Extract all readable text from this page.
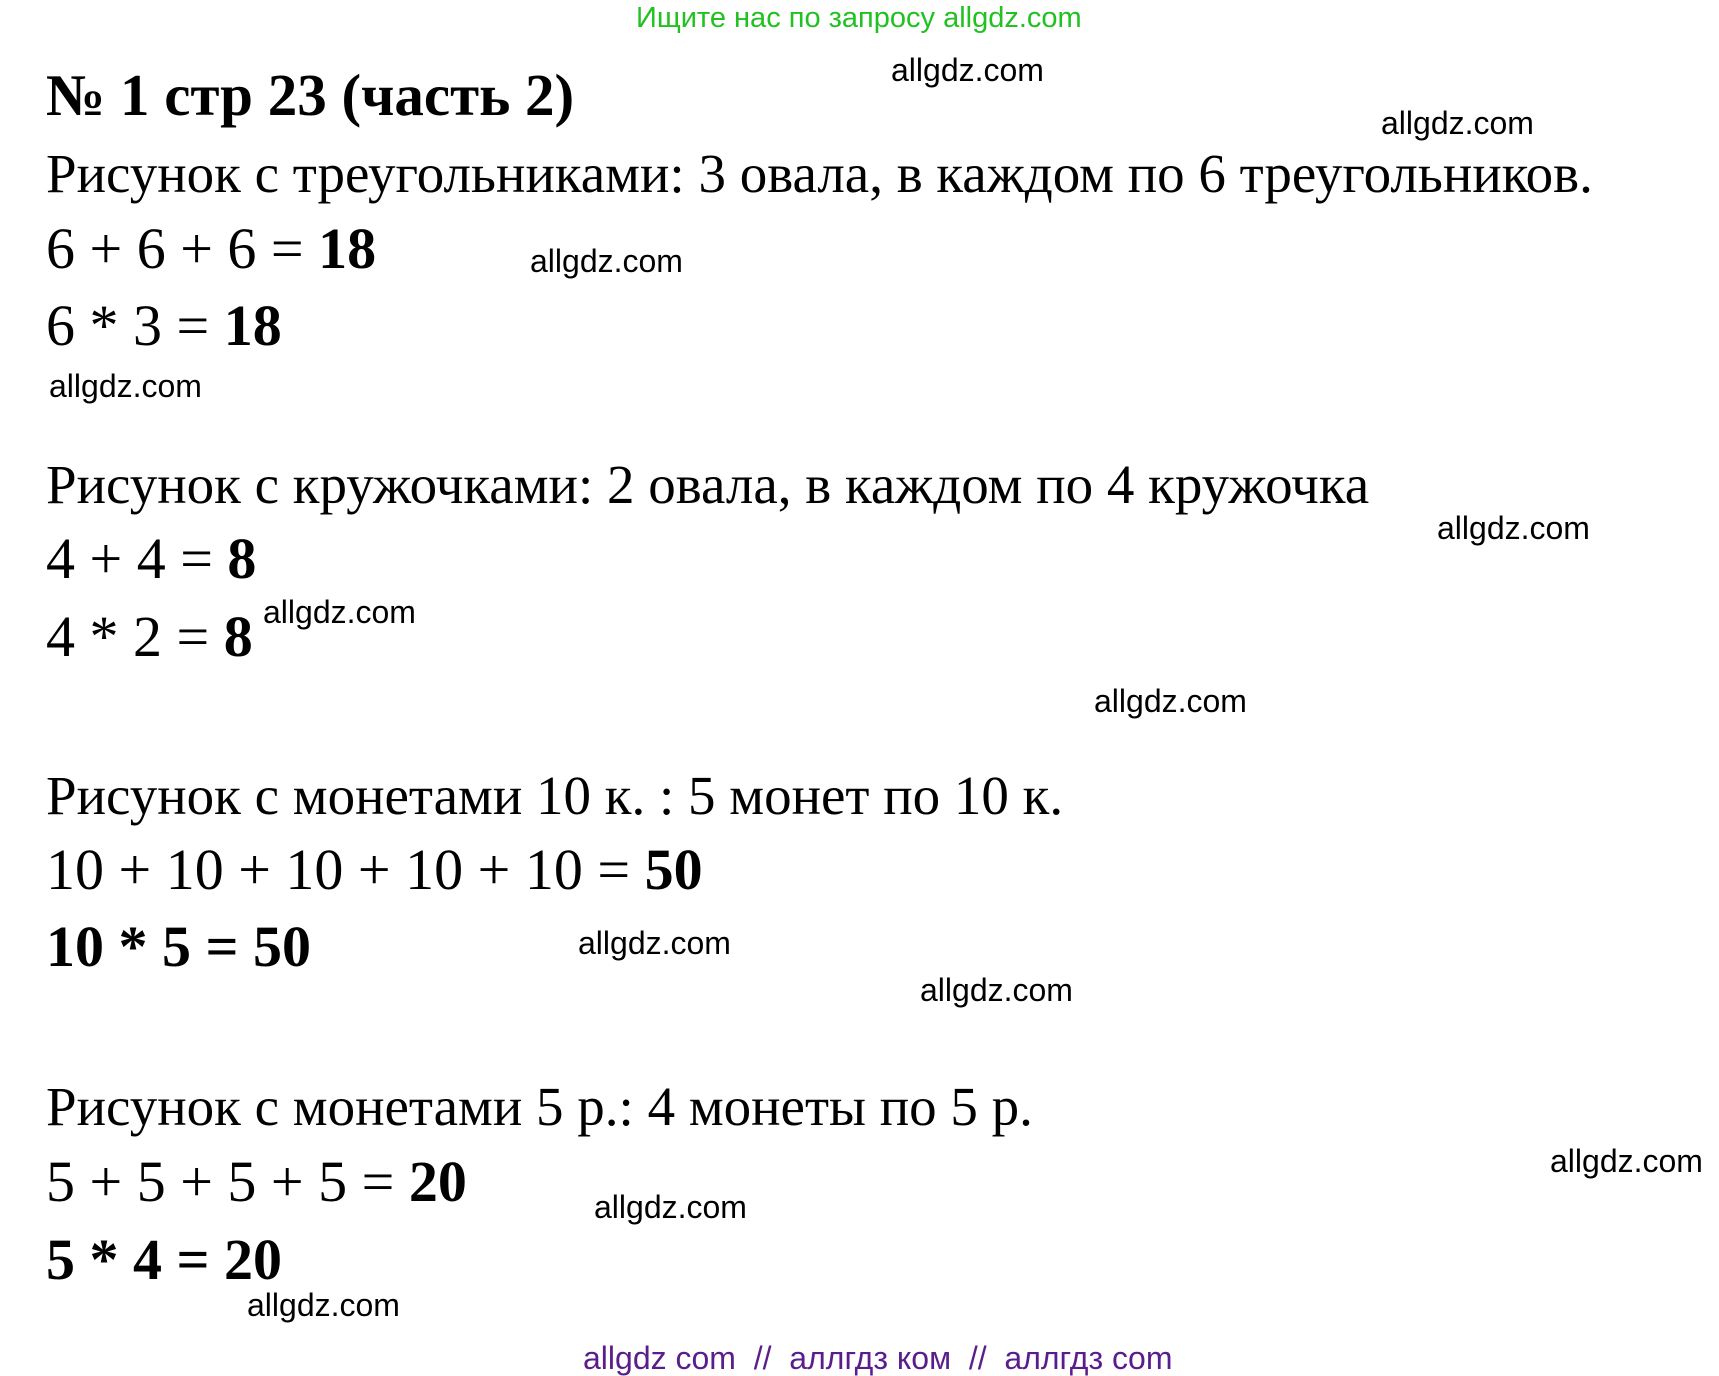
Ищите нас по запросу allgdz.com
№ 1 стр 23 (часть 2)
Рисунок с треугольниками: 3 овала, в каждом по 6 треугольников.
6 + 6 + 6 = 18
6 * 3 = 18
Рисунок с кружочками: 2 овала, в каждом по 4 кружочка
4 + 4 = 8
4 * 2 = 8
Рисунок с монетами 10 к. : 5 монет по 10 к.
10 + 10 + 10 + 10 + 10 = 50
10 * 5 = 50
Рисунок с монетами 5 р.: 4 монеты по 5 р.
5 + 5 + 5 + 5 = 20
5 * 4 = 20
allgdz.com
allgdz.com
allgdz.com
allgdz.com
allgdz.com
allgdz.com
allgdz.com
allgdz.com
allgdz.com
allgdz.com
allgdz.com
allgdz.com
allgdz com  //  аллгдз ком  //  аллгдз com
